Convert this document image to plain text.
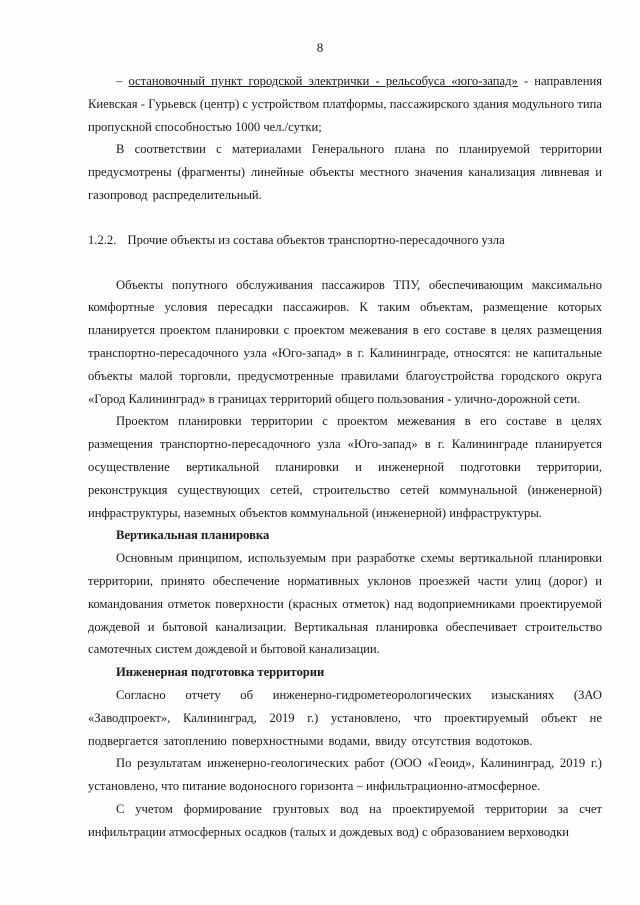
8

– остановочный пункт городской электрички - рельсобуса «юго-запад» - направления Киевская - Гурьевск (центр) с устройством платформы, пассажирского здания модульного типа пропускной способностью 1000 чел./сутки;

В соответствии с материалами Генерального плана по планируемой территории предусмотрены (фрагменты) линейные объекты местного значения канализация ливневая и газопровод распределительный.

1.2.2. Прочие объекты из состава объектов транспортно-пересадочного узла

Объекты попутного обслуживания пассажиров ТПУ, обеспечивающим максимально комфортные условия пересадки пассажиров. К таким объектам, размещение которых планируется проектом планировки с проектом межевания в его составе в целях размещения транспортно-пересадочного узла «Юго-запад» в г. Калининграде, относятся: не капитальные объекты малой торговли, предусмотренные правилами благоустройства городского округа «Город Калининград» в границах территорий общего пользования - улично-дорожной сети.

Проектом планировки территории с проектом межевания в его составе в целях размещения транспортно-пересадочного узла «Юго-запад» в г. Калининграде планируется осуществление вертикальной планировки и инженерной подготовки территории, реконструкция существующих сетей, строительство сетей коммунальной (инженерной) инфраструктуры, наземных объектов коммунальной (инженерной) инфраструктуры.

Вертикальная планировка

Основным принципом, используемым при разработке схемы вертикальной планировки территории, принято обеспечение нормативных уклонов проезжей части улиц (дорог) и командования отметок поверхности (красных отметок) над водоприемниками проектируемой дождевой и бытовой канализации. Вертикальная планировка обеспечивает строительство самотечных систем дождевой и бытовой канализации.

Инженерная подготовка территории

Согласно отчету об инженерно-гидрометеорологических изысканиях (ЗАО «Заводпроект», Калининград, 2019 г.) установлено, что проектируемый объект не подвергается затоплению поверхностными водами, ввиду отсутствия водотоков.

По результатам инженерно-геологических работ (ООО «Геоид», Калининград, 2019 г.) установлено, что питание водоносного горизонта – инфильтрационно-атмосферное.

С учетом формирование грунтовых вод на проектируемой территории за счет инфильтрации атмосферных осадков (талых и дождевых вод) с образованием верховодки
